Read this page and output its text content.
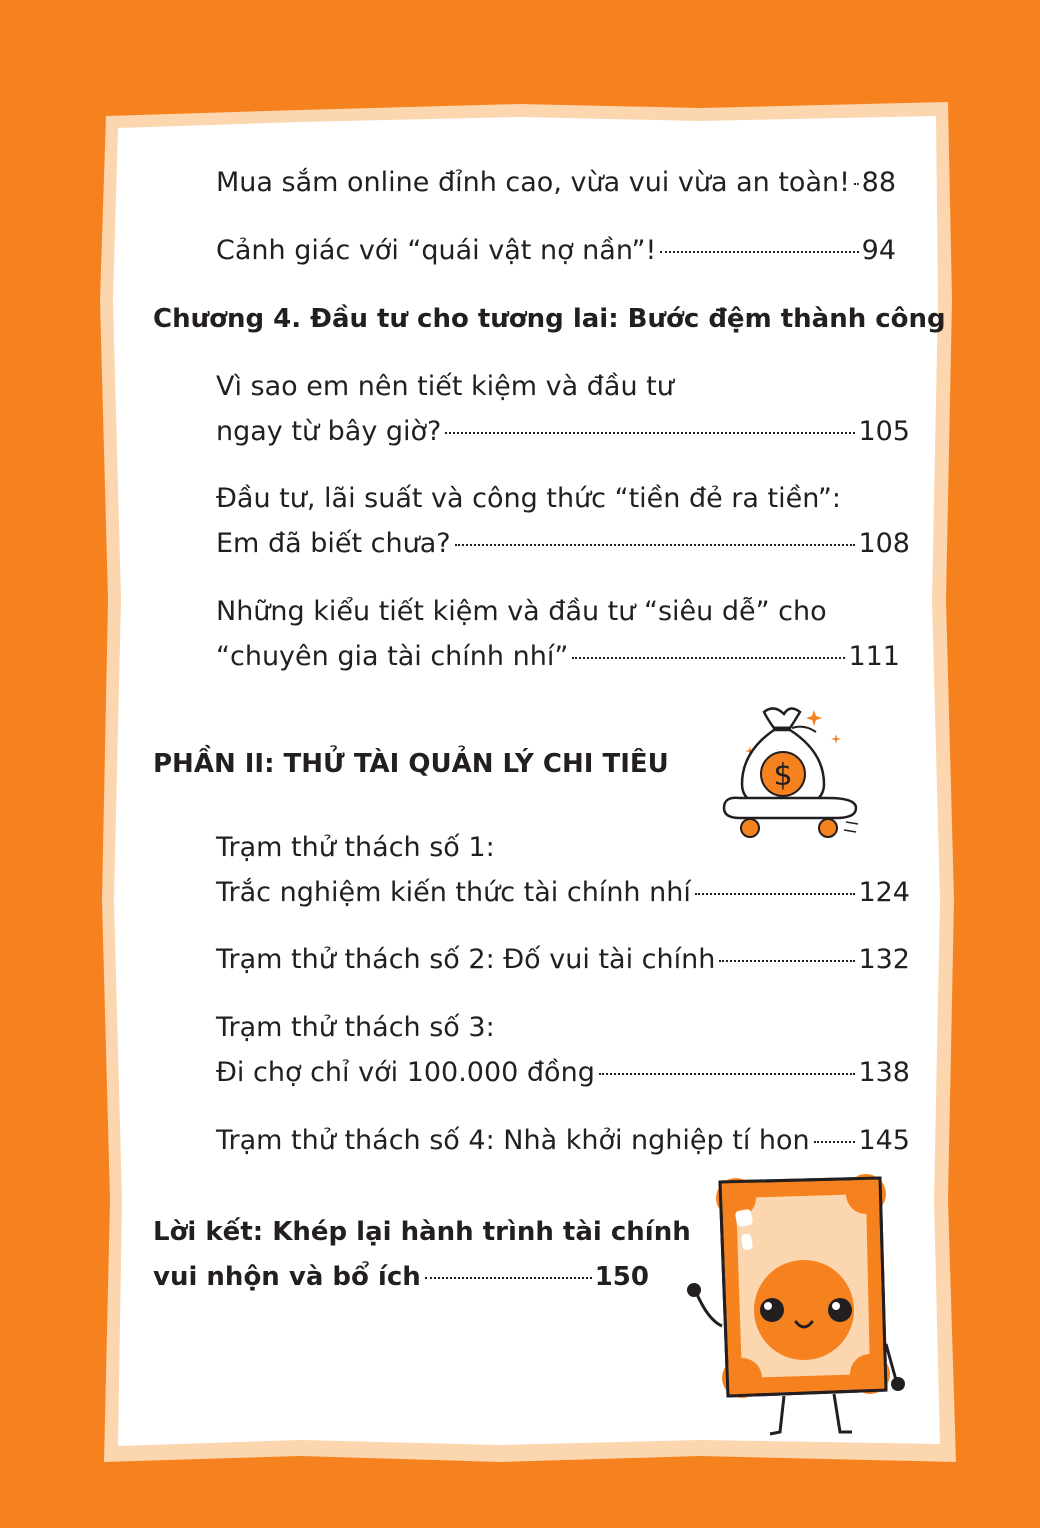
Mua sắm online đỉnh cao, vừa vui vừa an toàn! 88
Cảnh giác với “quái vật nợ nần”!	94
Chương 4. Đầu tư cho tương lai: Bước đệm thành công
Vì sao em nên tiết kiệm và đầu tư
ngay từ bây giờ?	105
Đầu tư, lãi suất và công thức “tiền đẻ ra tiền”:
Em đã biết chưa?	108
Những kiểu tiết kiệm và đầu tư “siêu dễ” cho
“chuyên gia tài chính nhí”	111
PHẦN II: THỬ TÀI QUẢN LÝ CHI TIÊU
Trạm thử thách số 1:
Trắc nghiệm kiến thức tài chính nhí	124
Trạm thử thách số 2: Đố vui tài chính	132
Trạm thử thách số 3:
Đi chợ chỉ với 100.000 đồng	138
Trạm thử thách số 4: Nhà khởi nghiệp tí hon 145
Lời kết: Khép lại hành trình tài chính
vui nhộn và bổ ích	150
$
